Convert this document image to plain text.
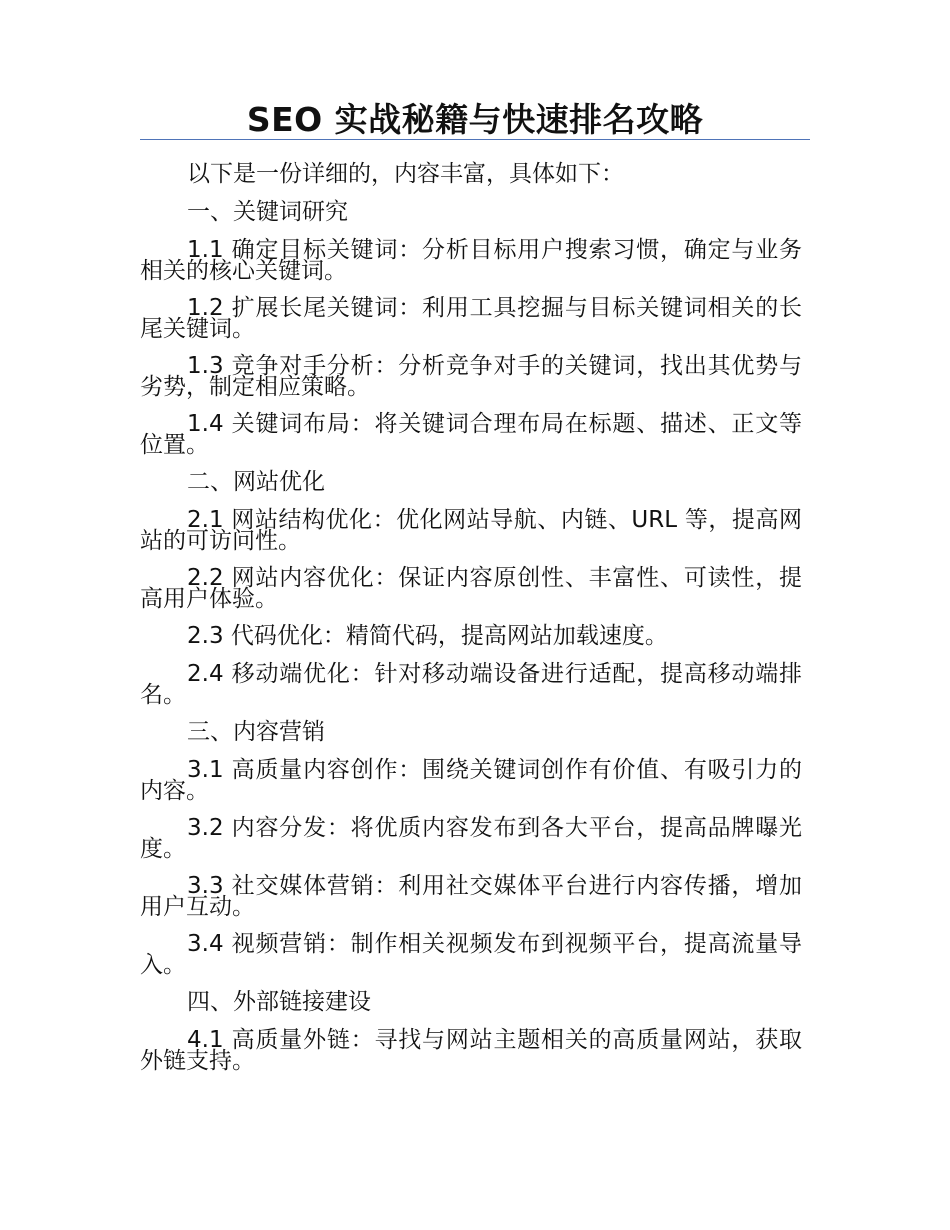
SEO 实战秘籍与快速排名攻略

以下是一份详细的，内容丰富，具体如下：

一、关键词研究

1.1 确定目标关键词：分析目标用户搜索习惯，确定与业务相关的核心关键词。

1.2 扩展长尾关键词：利用工具挖掘与目标关键词相关的长尾关键词。

1.3 竞争对手分析：分析竞争对手的关键词，找出其优势与劣势，制定相应策略。

1.4 关键词布局：将关键词合理布局在标题、描述、正文等位置。

二、网站优化

2.1 网站结构优化：优化网站导航、内链、URL 等，提高网站的可访问性。

2.2 网站内容优化：保证内容原创性、丰富性、可读性，提高用户体验。

2.3 代码优化：精简代码，提高网站加载速度。

2.4 移动端优化：针对移动端设备进行适配，提高移动端排名。

三、内容营销

3.1 高质量内容创作：围绕关键词创作有价值、有吸引力的内容。

3.2 内容分发：将优质内容发布到各大平台，提高品牌曝光度。

3.3 社交媒体营销：利用社交媒体平台进行内容传播，增加用户互动。

3.4 视频营销：制作相关视频发布到视频平台，提高流量导入。

四、外部链接建设

4.1 高质量外链：寻找与网站主题相关的高质量网站，获取外链支持。
